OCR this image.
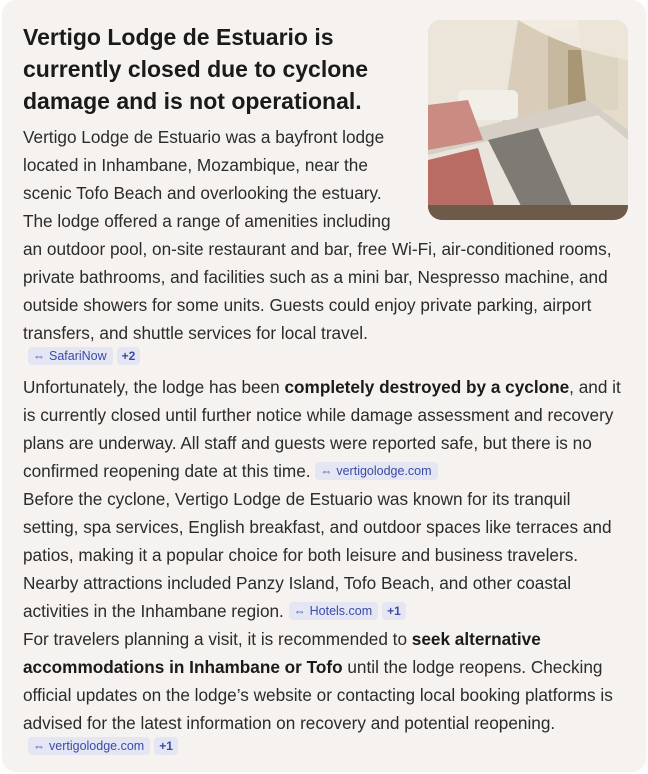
Vertigo Lodge de Estuario is currently closed due to cyclone damage and is not operational.

Vertigo Lodge de Estuario was a bayfront lodge located in Inhambane, Mozambique, near the scenic Tofo Beach and overlooking the estuary. The lodge offered a range of amenities including an outdoor pool, on-site restaurant and bar, free Wi-Fi, air-conditioned rooms, private bathrooms, and facilities such as a mini bar, Nespresso machine, and outside showers for some units. Guests could enjoy private parking, airport transfers, and shuttle services for local travel.

⇔ SafariNow +2

Unfortunately, the lodge has been completely destroyed by a cyclone, and it is currently closed until further notice while damage assessment and recovery plans are underway. All staff and guests were reported safe, but there is no confirmed reopening date at this time. ⇔ vertigolodge.com

Before the cyclone, Vertigo Lodge de Estuario was known for its tranquil setting, spa services, English breakfast, and outdoor spaces like terraces and patios, making it a popular choice for both leisure and business travelers. Nearby attractions included Panzy Island, Tofo Beach, and other coastal activities in the Inhambane region. ⇔ Hotels.com +1

For travelers planning a visit, it is recommended to seek alternative accommodations in Inhambane or Tofo until the lodge reopens. Checking official updates on the lodge’s website or contacting local booking platforms is advised for the latest information on recovery and potential reopening.

⇔ vertigolodge.com +1
